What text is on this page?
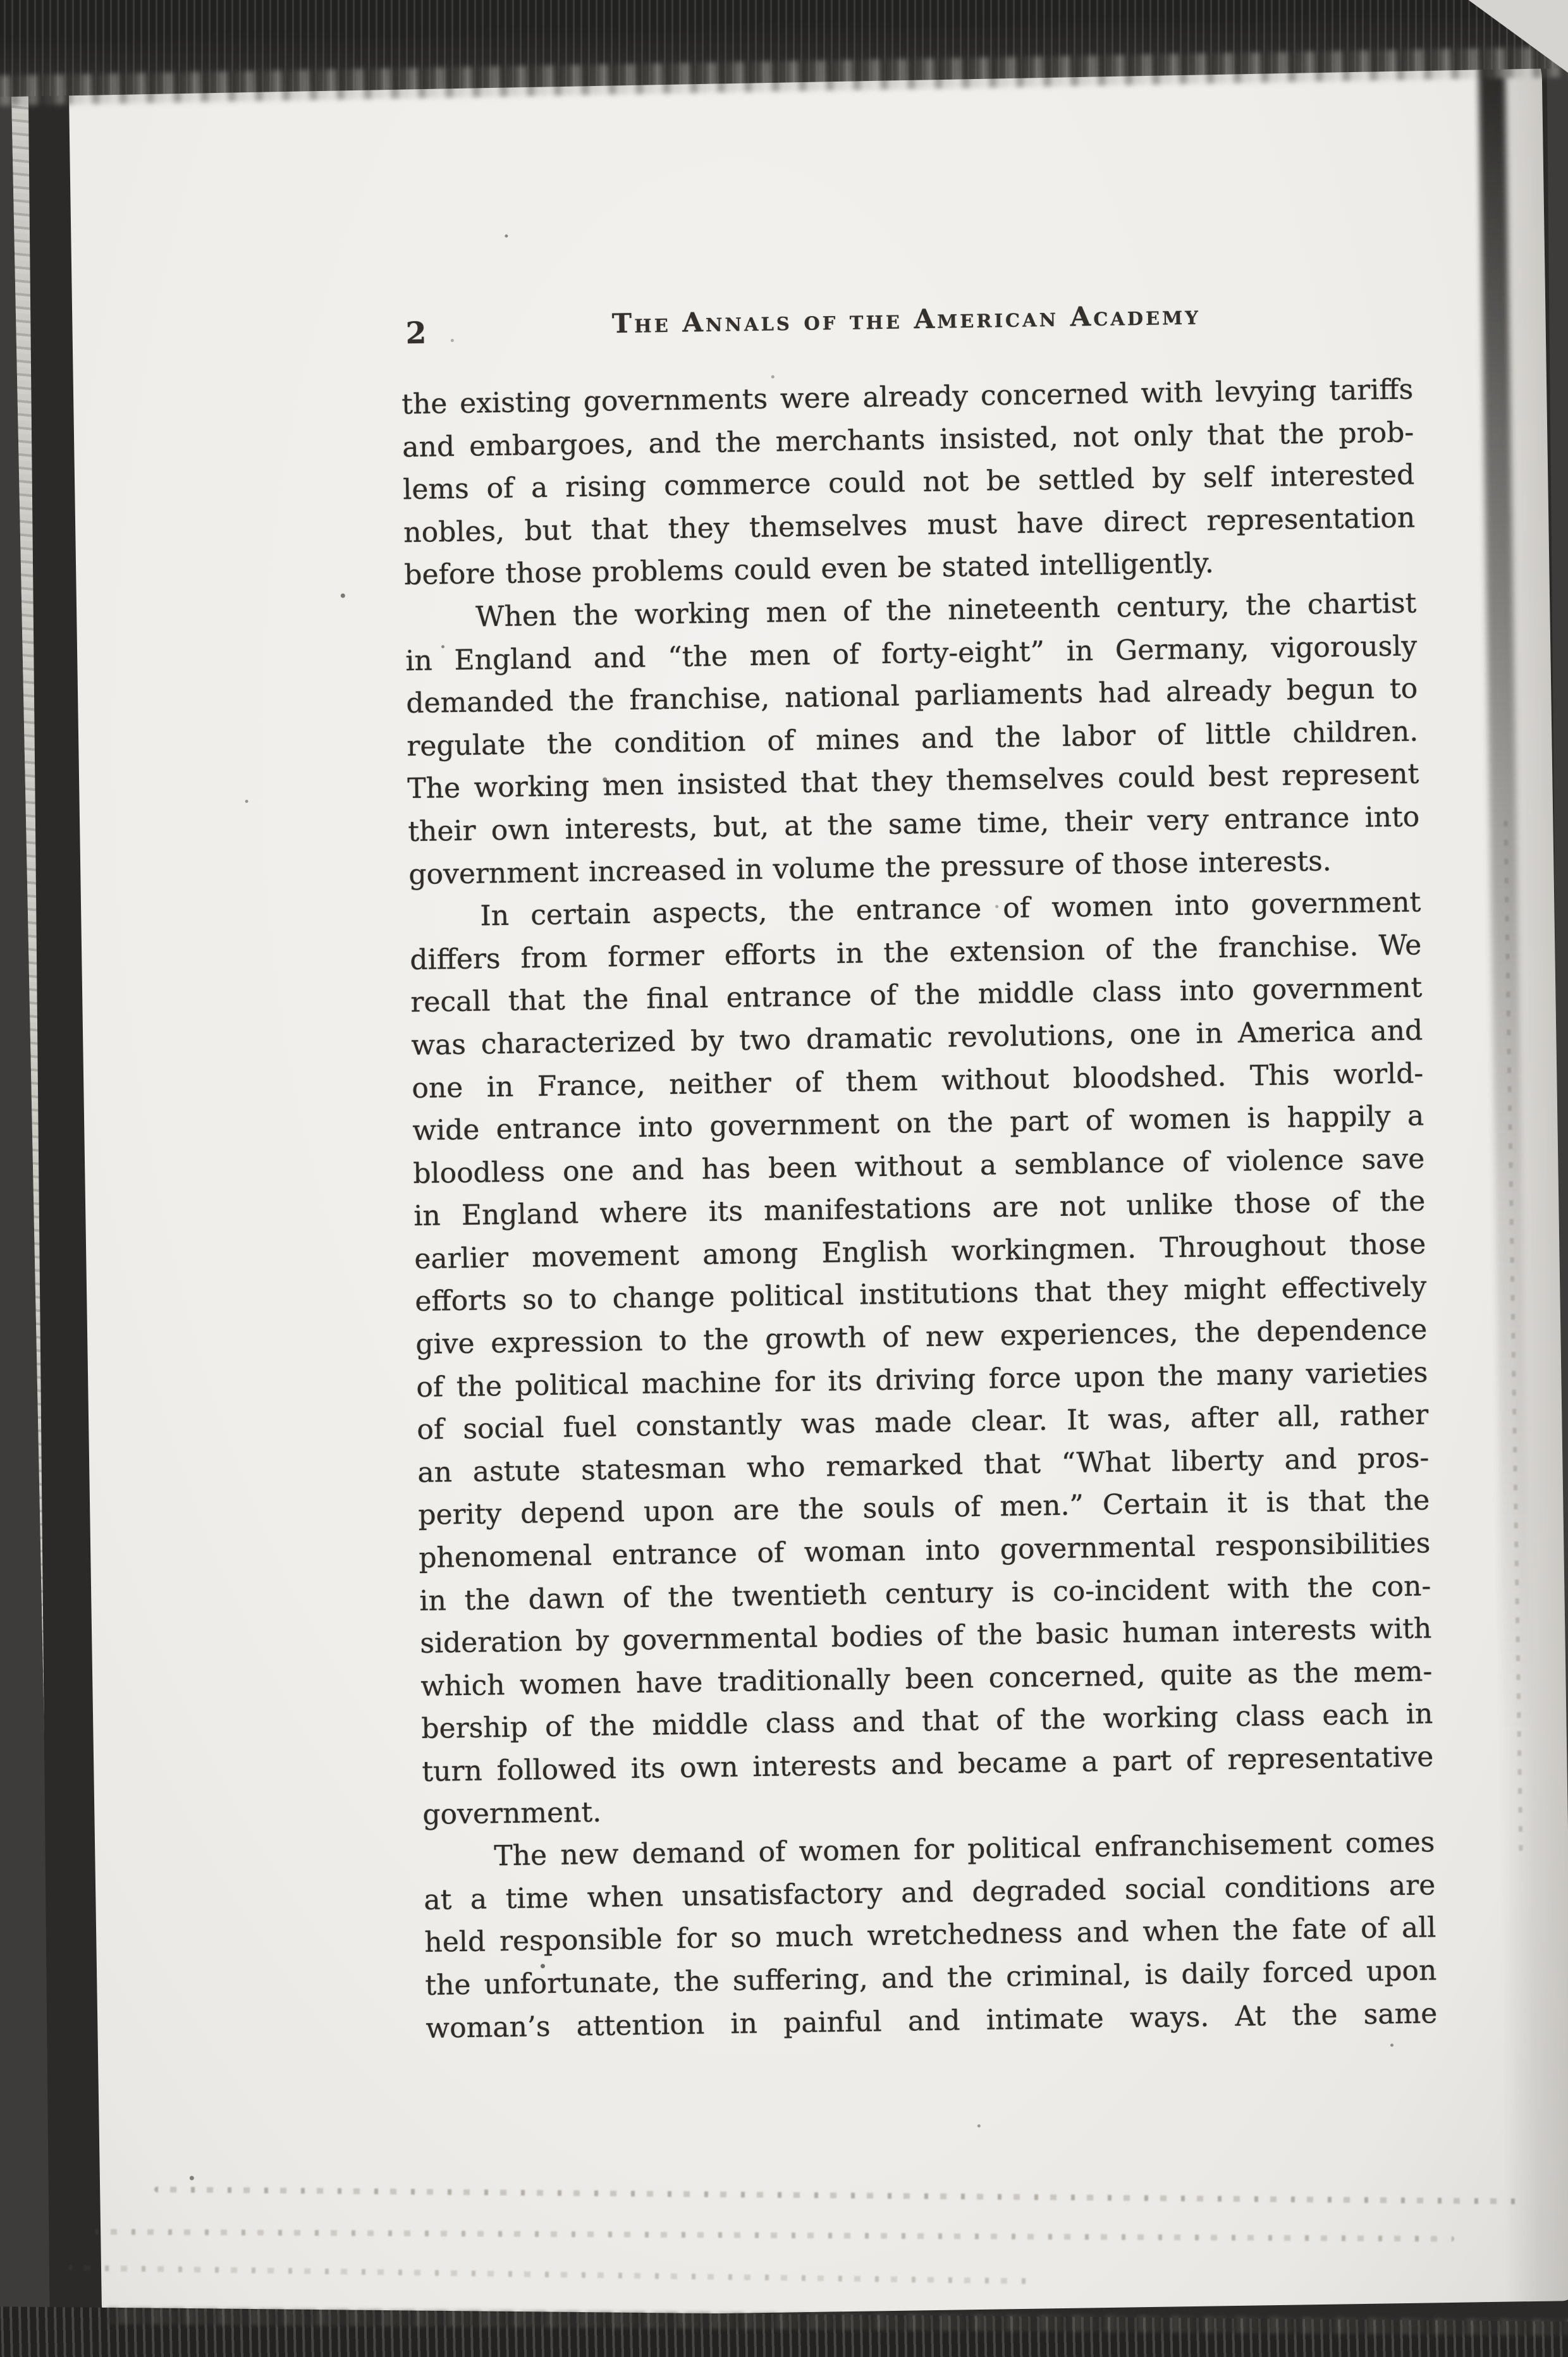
2	The Annals of the American Academy
the existing governments were already concerned with levying tariffs
and embargoes, and the merchants insisted, not only that the prob-
lems of a rising commerce could not be settled by self interested
nobles, but that they themselves must have direct representation
before those problems could even be stated intelligently.
When the working men of the nineteenth century, the chartist
in England and “the men of forty-eight” in Germany, vigorously
demanded the franchise, national parliaments had already begun to
regulate the condition of mines and the labor of little children.
The working men insisted that they themselves could best represent
their own interests, but, at the same time, their very entrance into
government increased in volume the pressure of those interests.
In certain aspects, the entrance of women into government
differs from former efforts in the extension of the franchise. We
recall that the final entrance of the middle class into government
was characterized by two dramatic revolutions, one in America and
one in France, neither of them without bloodshed. This world-
wide entrance into government on the part of women is happily a
bloodless one and has been without a semblance of violence save
in England where its manifestations are not unlike those of the
earlier movement among English workingmen. Throughout those
efforts so to change political institutions that they might effectively
give expression to the growth of new experiences, the dependence
of the political machine for its driving force upon the many varieties
of social fuel constantly was made clear. It was, after all, rather
an astute statesman who remarked that “What liberty and pros-
perity depend upon are the souls of men.” Certain it is that the
phenomenal entrance of woman into governmental responsibilities
in the dawn of the twentieth century is co-incident with the con-
sideration by governmental bodies of the basic human interests with
which women have traditionally been concerned, quite as the mem-
bership of the middle class and that of the working class each in
turn followed its own interests and became a part of representative
government.
The new demand of women for political enfranchisement comes
at a time when unsatisfactory and degraded social conditions are
held responsible for so much wretchedness and when the fate of all
the unfortunate, the suffering, and the criminal, is daily forced upon
woman’s attention in painful and intimate ways. At the same
